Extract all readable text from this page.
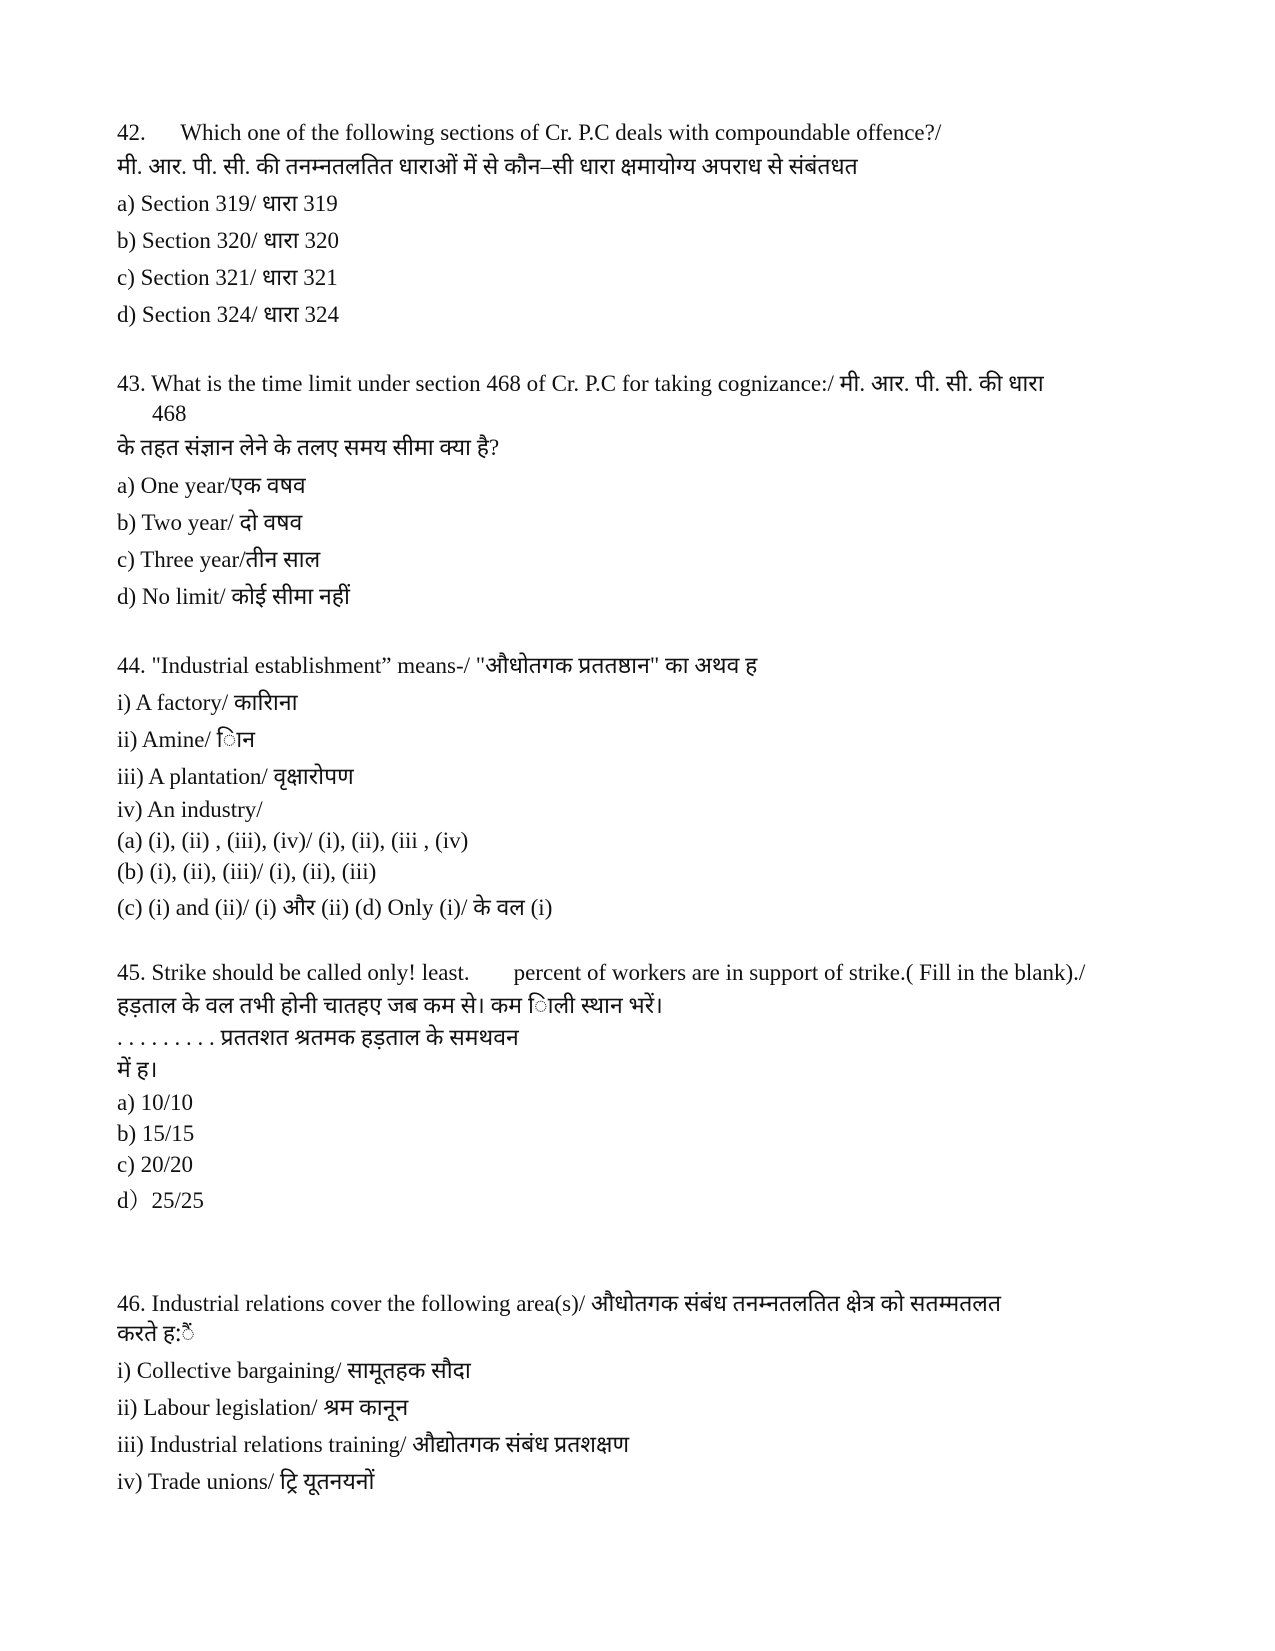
42.      Which one of the following sections of Cr. P.C deals with compoundable offence?/
मी. आर. पी. सी. की तनम्नतलतित धाराओं में से कौन–सी धारा क्षमायोग्य अपराध से संबंतधत
a) Section 319/ धारा 319
b) Section 320/ धारा 320
c) Section 321/ धारा 321
d) Section 324/ धारा 324
43. What is the time limit under section 468 of Cr. P.C for taking cognizance:/ मी. आर. पी. सी. की धारा
468
के तहत संज्ञान लेने के तलए समय सीमा क्या है?
a) One year/एक वषव
b) Two year/ दो वषव
c) Three year/तीन साल
d) No limit/ कोई सीमा नहीं
44. "Industrial establishment” means-/ "औधोतगक प्रततष्ठान" का अथव ह
i) A factory/ कारिाना
ii) Amine/ िान
iii) A plantation/ वृक्षारोपण
iv) An industry/
(a) (i), (ii) , (iii), (iv)/ (i), (ii), (iii , (iv)
(b) (i), (ii), (iii)/ (i), (ii), (iii)
(c) (i) and (ii)/ (i) और (ii) (d) Only (i)/ के वल (i)
45. Strike should be called only! least. percent of workers are in support of strike.( Fill in the blank)./
हड़ताल के वल तभी होनी चातहए जब कम से। कम िाली स्थान भरें।
. . . . . . . . . प्रततशत श्रतमक हड़ताल के समथवन
में ह।
a) 10/10
b) 15/15
c) 20/20
d）25/25
46. Industrial relations cover the following area(s)/ औधोतगक संबंध तनम्नतलतित क्षेत्र को सतम्मतलत
करते ह:ैं
i) Collective bargaining/ सामूतहक सौदा
ii) Labour legislation/ श्रम कानून
iii) Industrial relations training/ औद्योतगक संबंध प्रतशक्षण
iv) Trade unions/ ट्रि यूतनयनों
